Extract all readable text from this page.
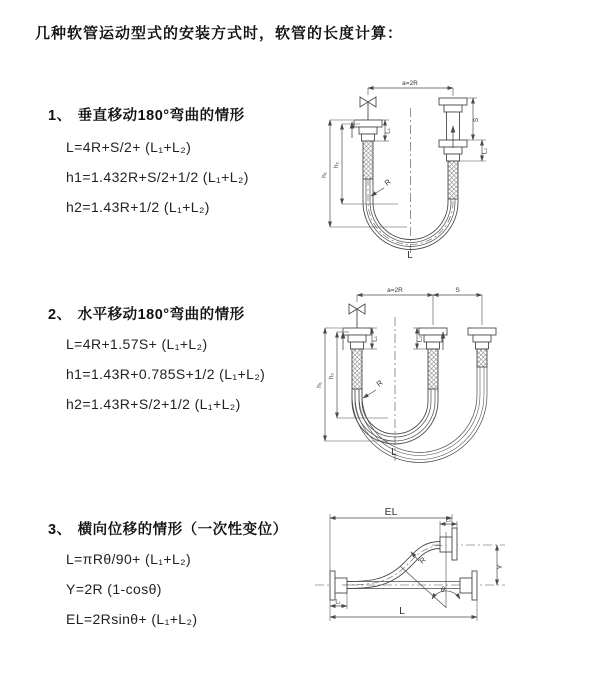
几种软管运动型式的安装方式时，软管的长度计算：
1、 垂直移动180°弯曲的情形
L=4R+S/2+ (L₁+L₂)
h1=1.432R+S/2+1/2 (L₁+L₂)
h2=1.43R+1/2 (L₁+L₂)
2、 水平移动180°弯曲的情形
L=4R+1.57S+ (L₁+L₂)
h1=1.43R+0.785S+1/2 (L₁+L₂)
h2=1.43R+S/2+1/2 (L₁+L₂)
3、 横向位移的情形（一次性变位）
L=πRθ/90+ (L₁+L₂)
Y=2R (1-cosθ)
EL=2Rsinθ+ (L₁+L₂)
a=2R
S
L₁
L₂
h₁
h₂
R
L
a=2R	S
L₁	L₂
h₁
h₂
R
L
EL
L₂
Y
R
θ
L
L₁
